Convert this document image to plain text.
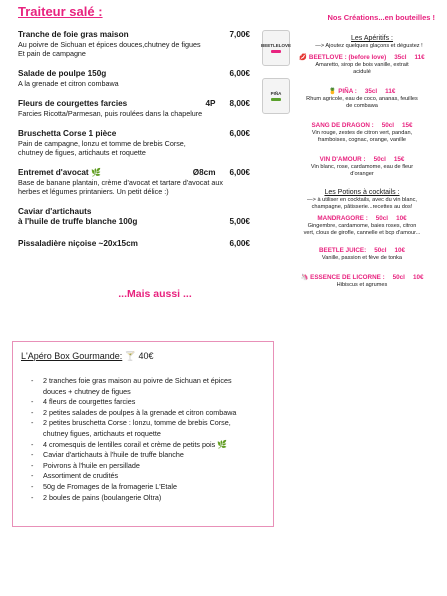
Traiteur salé :
Tranche de foie gras maison	7,00€
Au poivre de Sichuan et épices douces,chutney de figues
Et pain de campagne
Salade de poulpe 150g	6,00€
A la grenade et citron combawa
Fleurs de courgettes farcies	4P 8,00€
Farcies Ricotta/Parmesan, puis roulées dans la chapelure
Bruschetta Corse 1 pièce	6,00€
Pain de campagne, lonzu et tomme de brebis Corse,
chutney de figues, artichauts et roquette
Entremet d'avocat 🌿	Ø8cm 6,00€
Base de banane plantain, crème d'avocat et tartare d'avocat aux
herbes et légumes printaniers. Un petit délice :)
Caviar d'artichauts
à l'huile de truffe blanche 100g	5,00€
Pissaladière niçoise ~20x15cm	6,00€

...Mais aussi ...

BEETLELOVE
PIÑA

Nos Créations...en bouteilles !

Les Apéritifs :

—> Ajoutez quelques glaçons et dégustez !
💋 BEETLOVE : (before love) 35cl 11€
Amaretto, sirop de bois vanille, extrait
acidulé
🍍 PIÑA : 35cl 11€
Rhum agricole, eau de coco, ananas, feuilles
de combawa
SANG DE DRAGON : 50cl 15€
Vin rouge, zestes de citron vert, pandan,
framboises, cognac, orange, vanille
VIN D'AMOUR : 50cl 15€
Vin blanc, rose, cardamome, eau de fleur
d'oranger

Les Potions à cocktails :

—> à utiliser en cocktails, avec du vin blanc,
champagne, pâtisserie...recettes au dos!
MANDRAGORE : 50cl 10€
Gingembre, cardamome, baies roses, citron
vert, clous de girofle, cannelle et bcp d'amour...
BEETLE JUICE: 50cl 10€
Vanille, passion et fève de tonka
🦄 ESSENCE DE LICORNE : 50cl 10€
Hibiscus et agrumes

L'Apéro Box Gourmande: 🍸 40€

-	2 tranches foie gras maison au poivre de Sichuan et épices
douces + chutney de figues
-	4 fleurs de courgettes farcies
-	2 petites salades de poulpes à la grenade et citron combawa
-	2 petites bruschetta Corse : lonzu, tomme de brebis Corse,
chutney figues, artichauts et roquette
-	4 cromesquis de lentilles corail et crème de petits pois
🌿
-	Caviar d'artichauts à l'huile de truffe blanche
-	Poivrons à l'huile en persillade
-	Assortiment de crudités
-	50g de Fromages de la fromagerie L'Etale
-	2 boules de pains (boulangerie Oltra)
